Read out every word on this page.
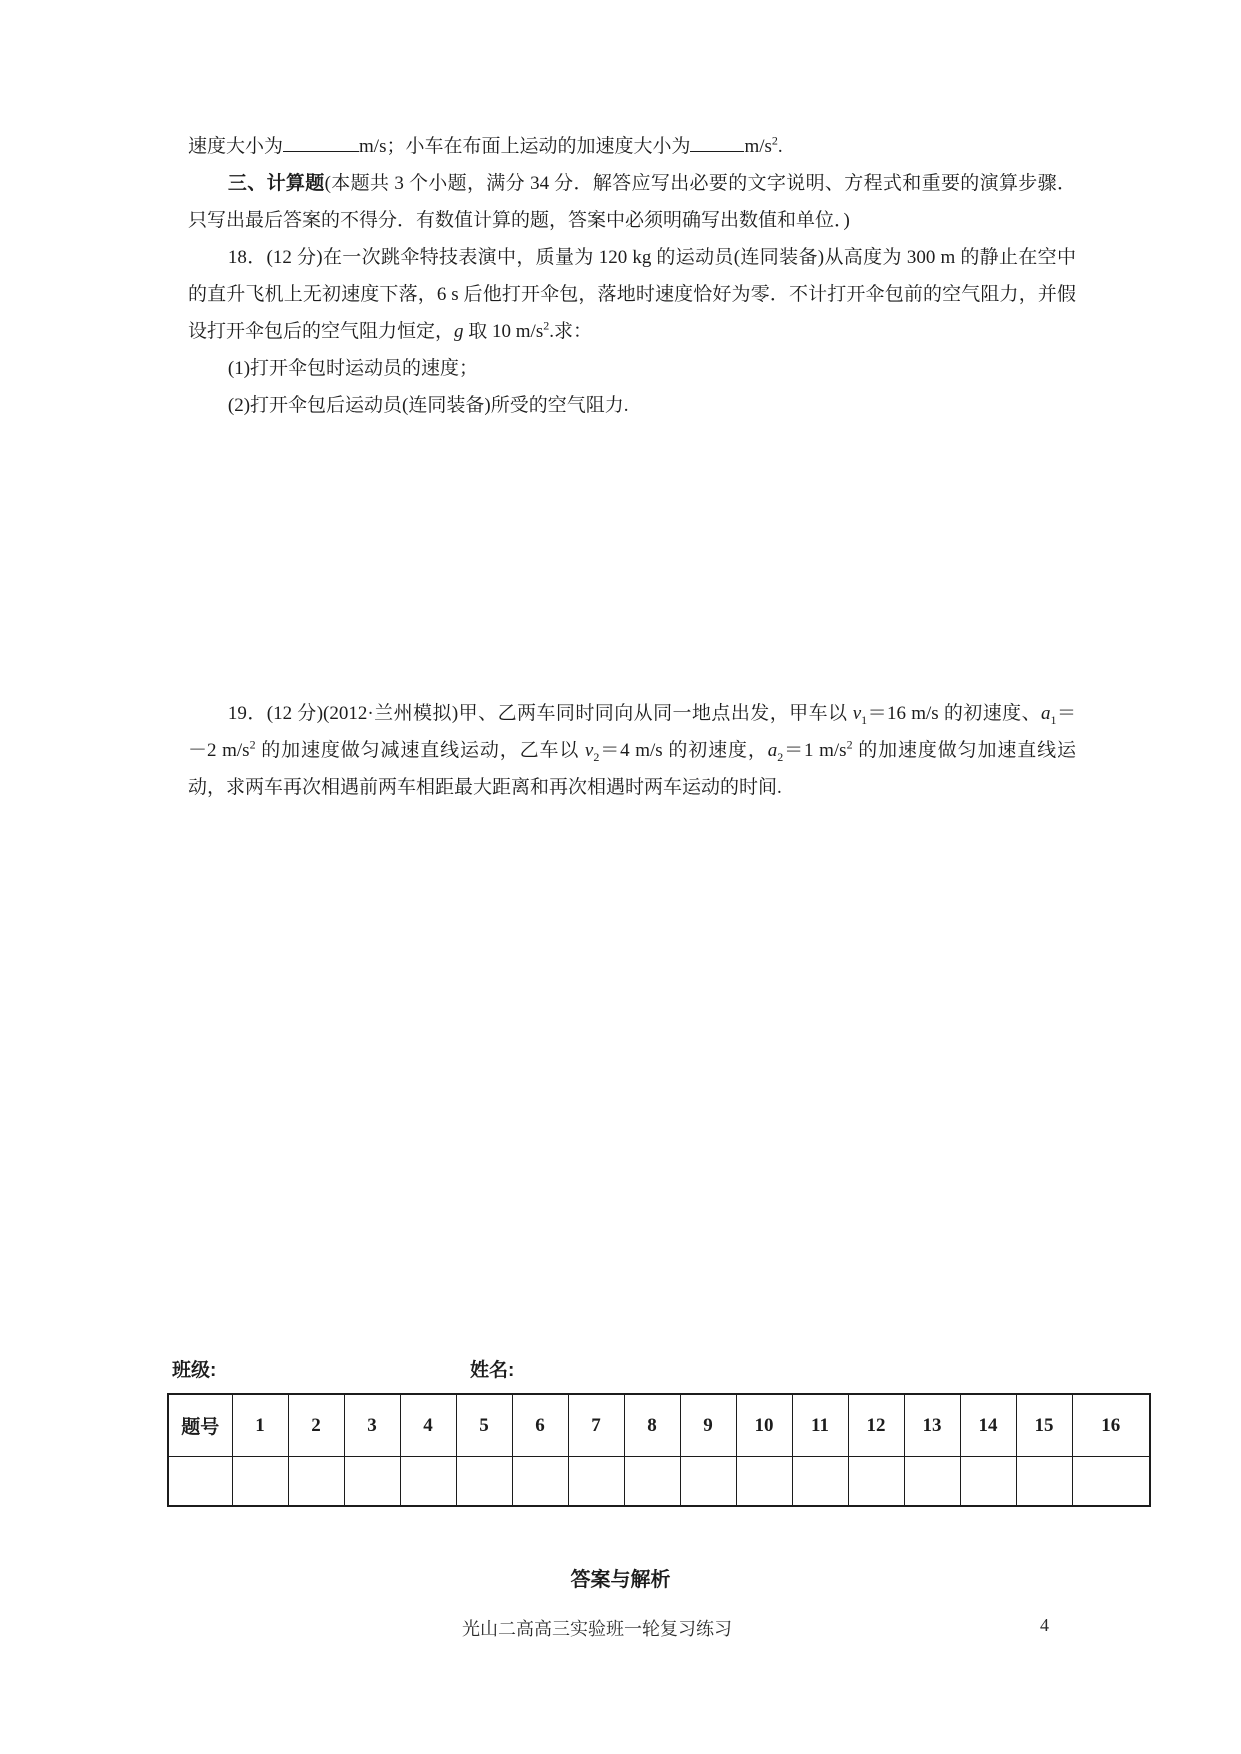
速度大小为	m/s；小车在布面上运动的加速度大小为	$m/s^2$.

三、计算题(本题共 3 个小题，满分 34 分．解答应写出必要的文字说明、方程式和重要的演算步骤．只写出最后答案的不得分．有数值计算的题，答案中必须明确写出数值和单位．)

18．(12 分)在一次跳伞特技表演中，质量为 120 kg 的运动员(连同装备)从高度为 300 m 的静止在空中的直升飞机上无初速度下落，6 s 后他打开伞包，落地时速度恰好为零．不计打开伞包前的空气阻力，并假设打开伞包后的空气阻力恒定，g 取 10 $m/s^2$.求：

(1)打开伞包时运动员的速度；

(2)打开伞包后运动员(连同装备)所受的空气阻力.

19．(12 分)(2012·兰州模拟)甲、乙两车同时同向从同一地点出发，甲车以 $v_1=16$ m/s 的初速度、$a_1=-2$ $m/s^2$ 的加速度做匀减速直线运动，乙车以 $v_2=4$ m/s 的初速度，$a_2=1$ $m/s^2$ 的加速度做匀加速直线运动，求两车再次相遇前两车相距最大距离和再次相遇时两车运动的时间.

班级:	姓名:
题号	1	2	3	4	5	6	7	8	9	10	11	12	13	14	15	16

答案与解析
光山二高高三实验班一轮复习练习	4
